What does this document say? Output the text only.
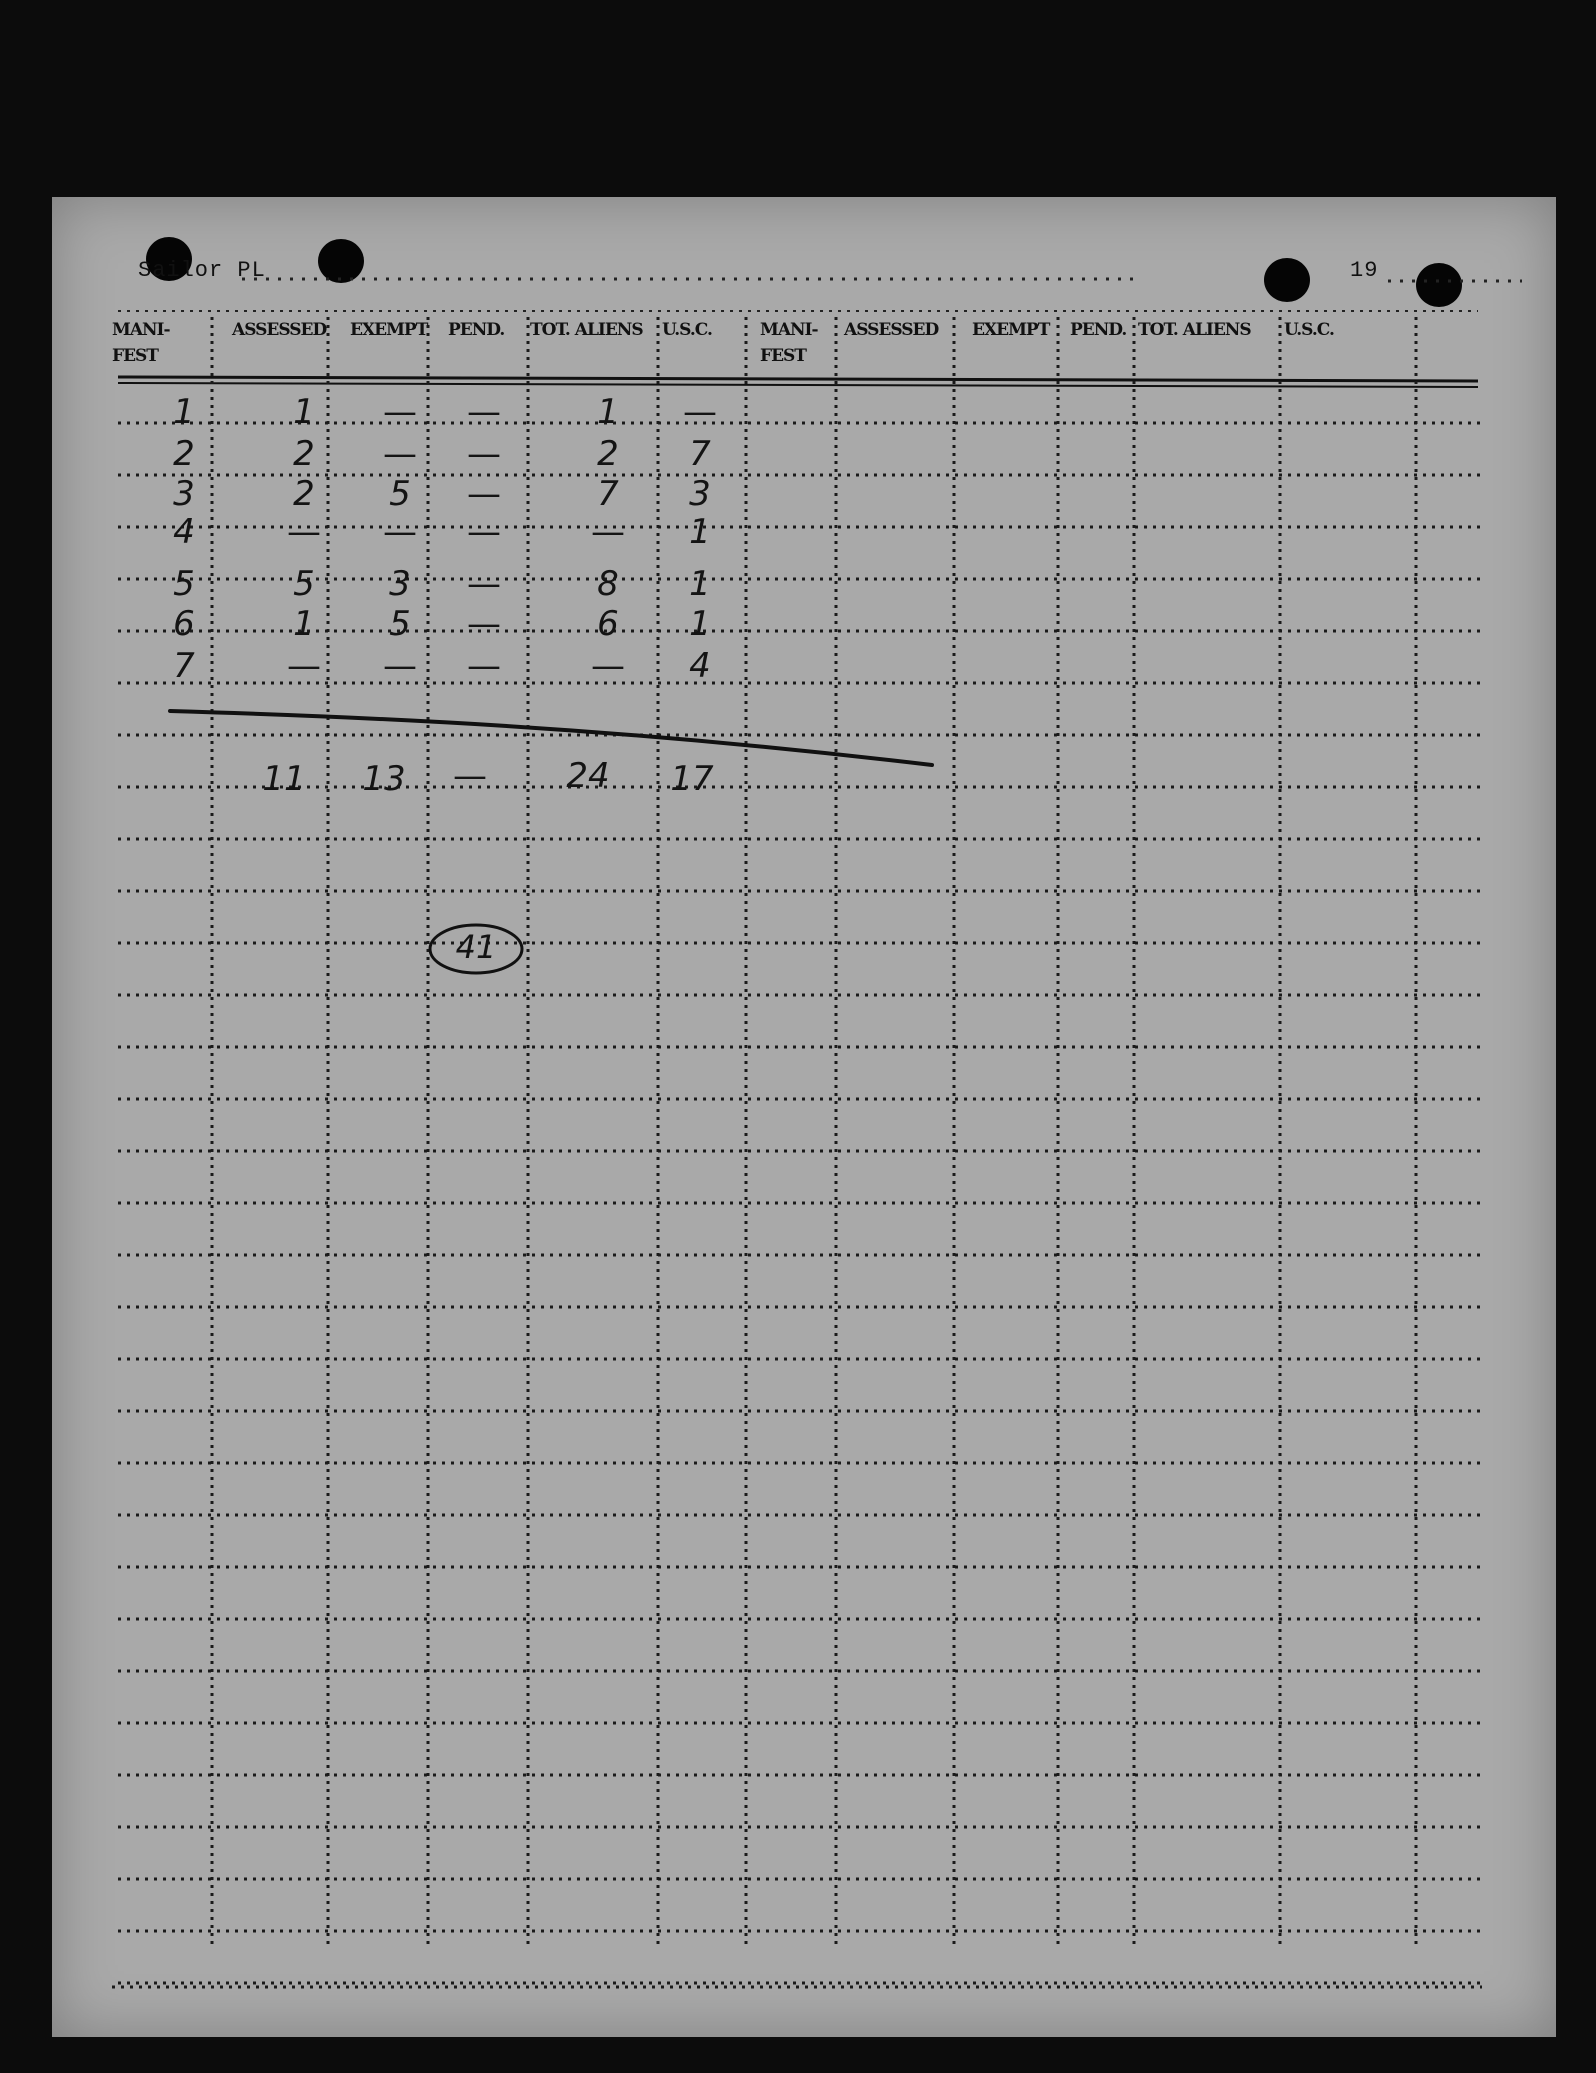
Sailor PL	19
MANI-
FEST
ASSESSED EXEMPT PEND. TOT. ALIENS U.S.C.	MANI-
FEST
ASSESSED EXEMPT PEND. TOT. ALIENS U.S.C.
1	1 — —	1 —
2	2 — —	2 7
3	2 5 —	7 3
4	— — —	— 1
5	5 3 —	8 1
6	1 5 —	6 1
7	— — —	— 4
11 13 — 24 17
41
